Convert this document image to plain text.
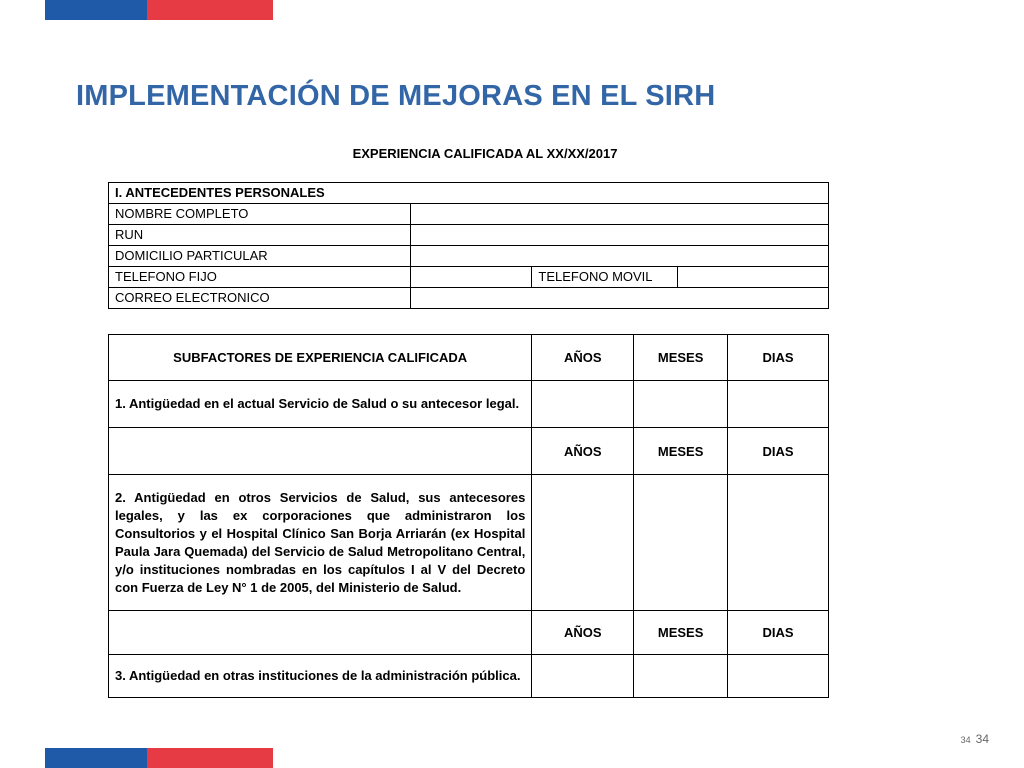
IMPLEMENTACIÓN DE MEJORAS EN EL SIRH
EXPERIENCIA CALIFICADA AL XX/XX/2017
I. ANTECEDENTES PERSONALES			
NOMBRE COMPLETO			
RUN			
DOMICILIO PARTICULAR			
TELEFONO FIJO		TELEFONO MOVIL	
CORREO ELECTRONICO			
SUBFACTORES DE EXPERIENCIA CALIFICADA	AÑOS	MESES	DIAS
1. Antigüedad en el actual Servicio de Salud o su antecesor legal.			
	AÑOS	MESES	DIAS
2. Antigüedad en otros Servicios de Salud, sus antecesores legales, y las ex corporaciones que administraron los Consultorios y el Hospital Clínico San Borja Arriarán (ex Hospital Paula Jara Quemada) del Servicio de Salud Metropolitano Central, y/o instituciones nombradas en los capítulos I al V del Decreto con Fuerza de Ley N° 1 de 2005, del Ministerio de Salud.			
	AÑOS	MESES	DIAS
3. Antigüedad en otras instituciones de la administración pública.			
34 34
